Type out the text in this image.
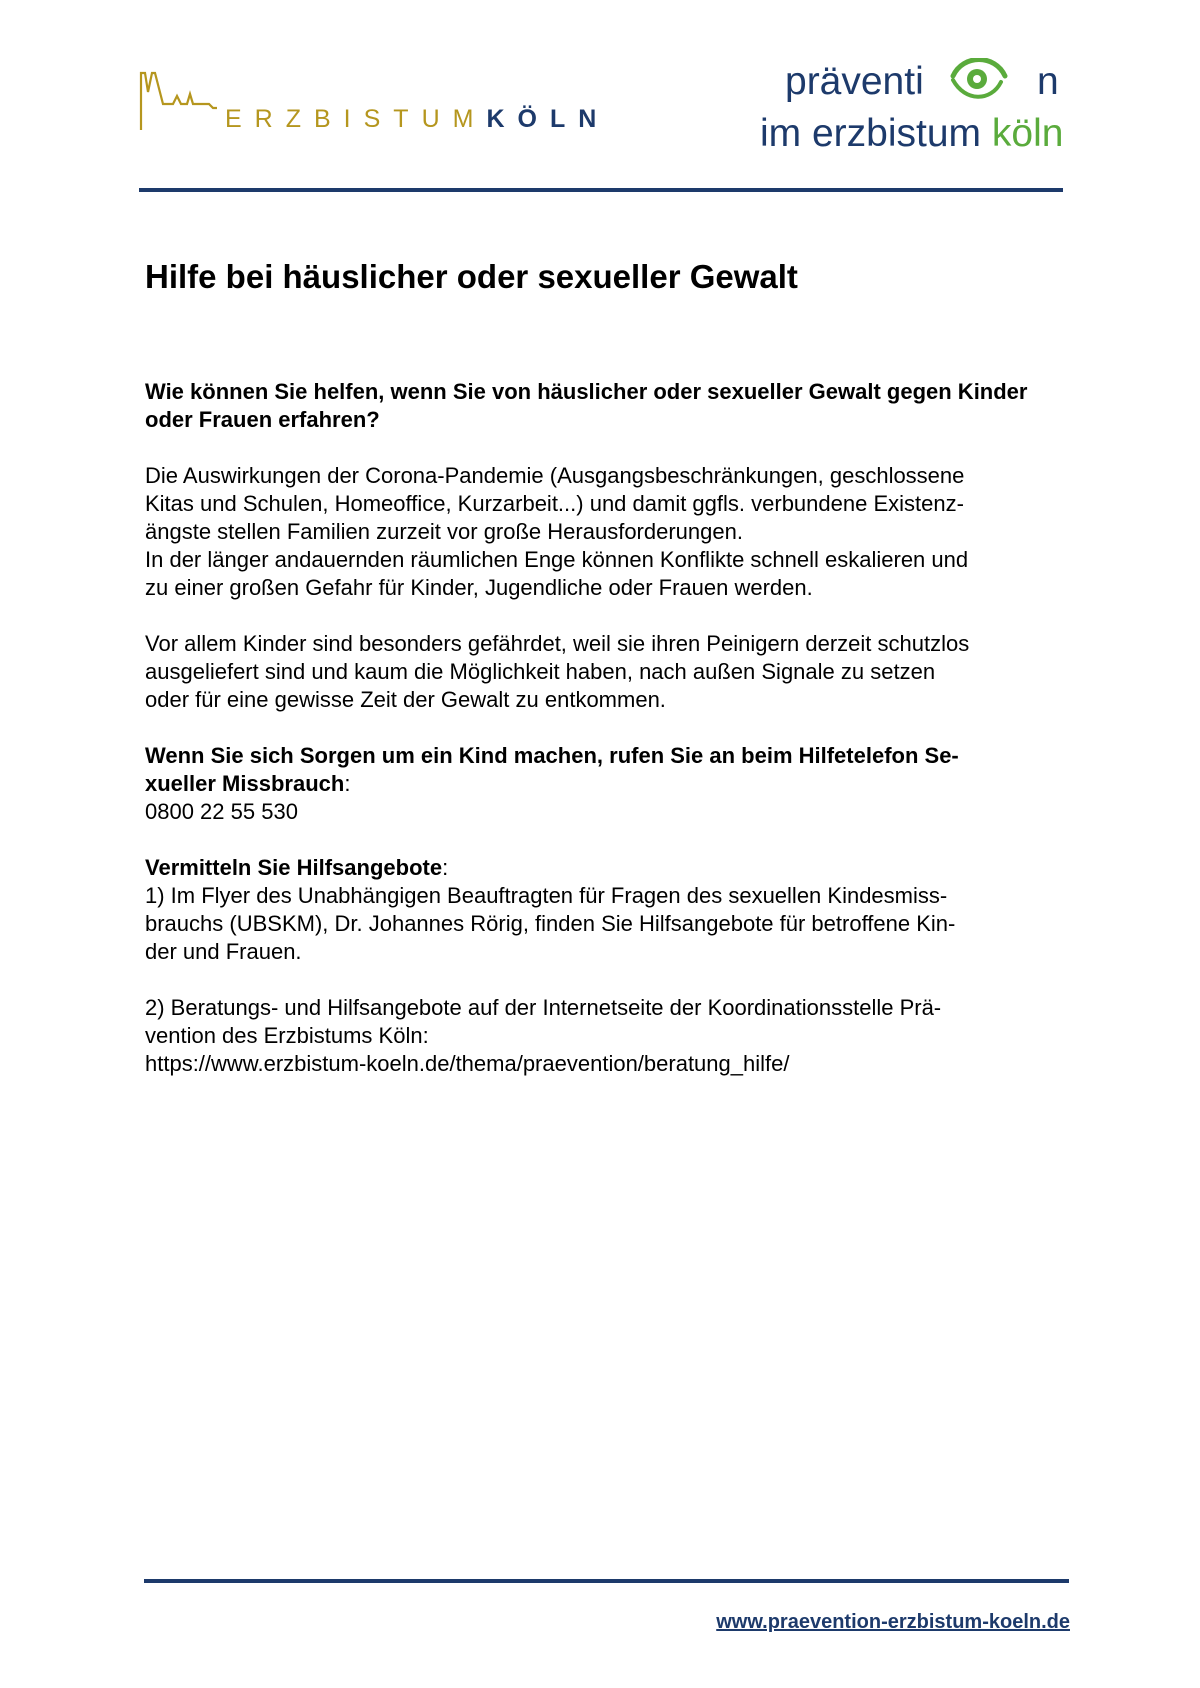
ERZBISTUMKÖLN
präventi	n
im erzbistum köln
Hilfe bei häuslicher oder sexueller Gewalt

Wie können Sie helfen, wenn Sie von häuslicher oder sexueller Gewalt gegen Kinder oder Frauen erfahren?

Die Auswirkungen der Corona-Pandemie (Ausgangsbeschränkungen, geschlossene

Kitas und Schulen, Homeoffice, Kurzarbeit...) und damit ggfls. verbundene Existenz-

ängste stellen Familien zurzeit vor große Herausforderungen.

In der länger andauernden räumlichen Enge können Konflikte schnell eskalieren und

zu einer großen Gefahr für Kinder, Jugendliche oder Frauen werden.

Vor allem Kinder sind besonders gefährdet, weil sie ihren Peinigern derzeit schutzlos

ausgeliefert sind und kaum die Möglichkeit haben, nach außen Signale zu setzen

oder für eine gewisse Zeit der Gewalt zu entkommen.

Wenn Sie sich Sorgen um ein Kind machen, rufen Sie an beim Hilfetelefon Se-

xueller Missbrauch:

0800 22 55 530

Vermitteln Sie Hilfsangebote:

1) Im Flyer des Unabhängigen Beauftragten für Fragen des sexuellen Kindesmiss-

brauchs (UBSKM), Dr. Johannes Rörig, finden Sie Hilfsangebote für betroffene Kin-

der und Frauen.

2) Beratungs- und Hilfsangebote auf der Internetseite der Koordinationsstelle Prä-

vention des Erzbistums Köln:

https://www.erzbistum-koeln.de/thema/praevention/beratung_hilfe/

www.praevention-erzbistum-koeln.de
